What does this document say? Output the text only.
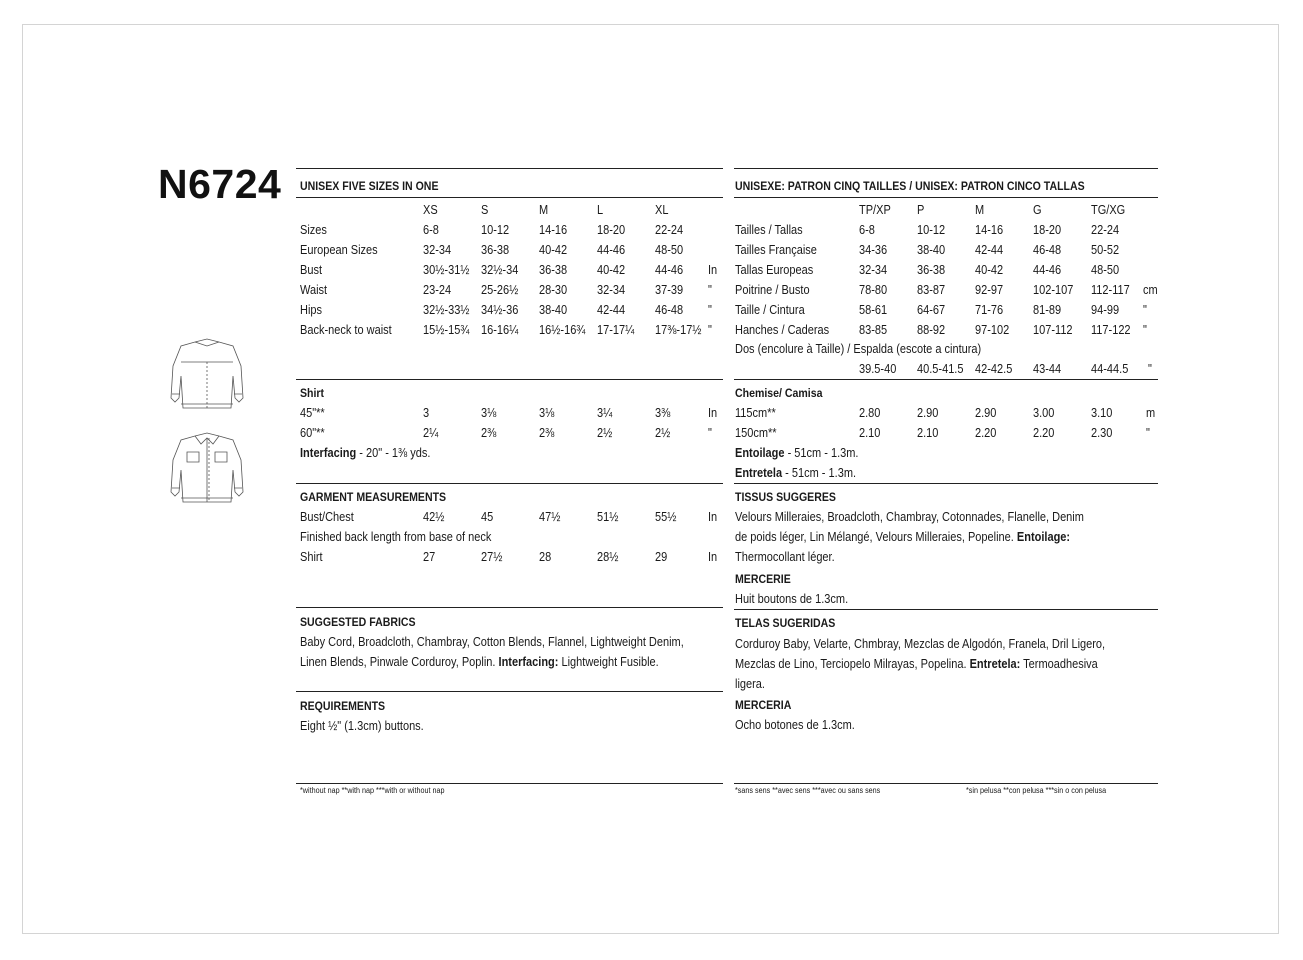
N6724 UNISEX FIVE SIZES IN ONE
XS	S	M	L	XL
Sizes	6-8	10-12 14-16 18-20 22-24
European Sizes	32-34 36-38 40-42 44-46 48-50
Bust	30½-31½ 32½-34 36-38 40-42 44-46 In
Waist	23-24 25-26½ 28-30 32-34 37-39 "
Hips	32½-33½ 34½-36 38-40 42-44 46-48 "
Back-neck to waist	15½-15¾ 16-16¼ 16½-16¾ 17-17¼ 17⅜-17½ "
Shirt
45"**	3	3⅛	3⅛	3¼	3⅜	In
60"**	2¼	2⅜	2⅜	2½	2½	"
Interfacing - 20" - 1⅜ yds.
GARMENT MEASUREMENTS
Bust/Chest	42½	45	47½	51½	55½	In
Finished back length from base of neck
Shirt	27	27½	28	28½	29	In
SUGGESTED FABRICS
Baby Cord, Broadcloth, Chambray, Cotton Blends, Flannel, Lightweight Denim,
Linen Blends, Pinwale Corduroy, Poplin. Interfacing: Lightweight Fusible.
REQUIREMENTS
Eight ½" (1.3cm) buttons.
*without nap **with nap ***with or without nap
UNISEXE: PATRON CINQ TAILLES / UNISEX: PATRON CINCO TALLAS
TP/XP P	M	G	TG/XG
Tailles / Tallas	6-8	10-12 14-16 18-20 22-24
Tailles Française	34-36 38-40 42-44 46-48 50-52
Tallas Europeas	32-34 36-38 40-42 44-46 48-50
Poitrine / Busto	78-80 83-87 92-97 102-107 112-117 cm
Taille / Cintura	58-61 64-67 71-76 81-89 94-99 "
Hanches / Caderas 83-85 88-92 97-102 107-112 117-122 "
Dos (encolure à Taille) / Espalda (escote a cintura)
39.5-40 40.5-41.5 42-42.5 43-44 44-44.5 "
Chemise/ Camisa
115cm**	2.80	2.90	2.90	3.00	3.10	m
150cm**	2.10	2.10	2.20	2.20	2.30	"
Entoilage - 51cm - 1.3m.
Entretela - 51cm - 1.3m.
TISSUS SUGGERES
Velours Milleraies, Broadcloth, Chambray, Cotonnades, Flanelle, Denim
de poids léger, Lin Mélangé, Velours Milleraies, Popeline. Entoilage:
Thermocollant léger.
MERCERIE
Huit boutons de 1.3cm.
TELAS SUGERIDAS
Corduroy Baby, Velarte, Chmbray, Mezclas de Algodón, Franela, Dril Ligero,
Mezclas de Lino, Terciopelo Milrayas, Popelina. Entretela: Termoadhesiva
ligera.
MERCERIA
Ocho botones de 1.3cm.
*sans sens **avec sens ***avec ou sans sens	*sin pelusa **con pelusa ***sin o con pelusa
